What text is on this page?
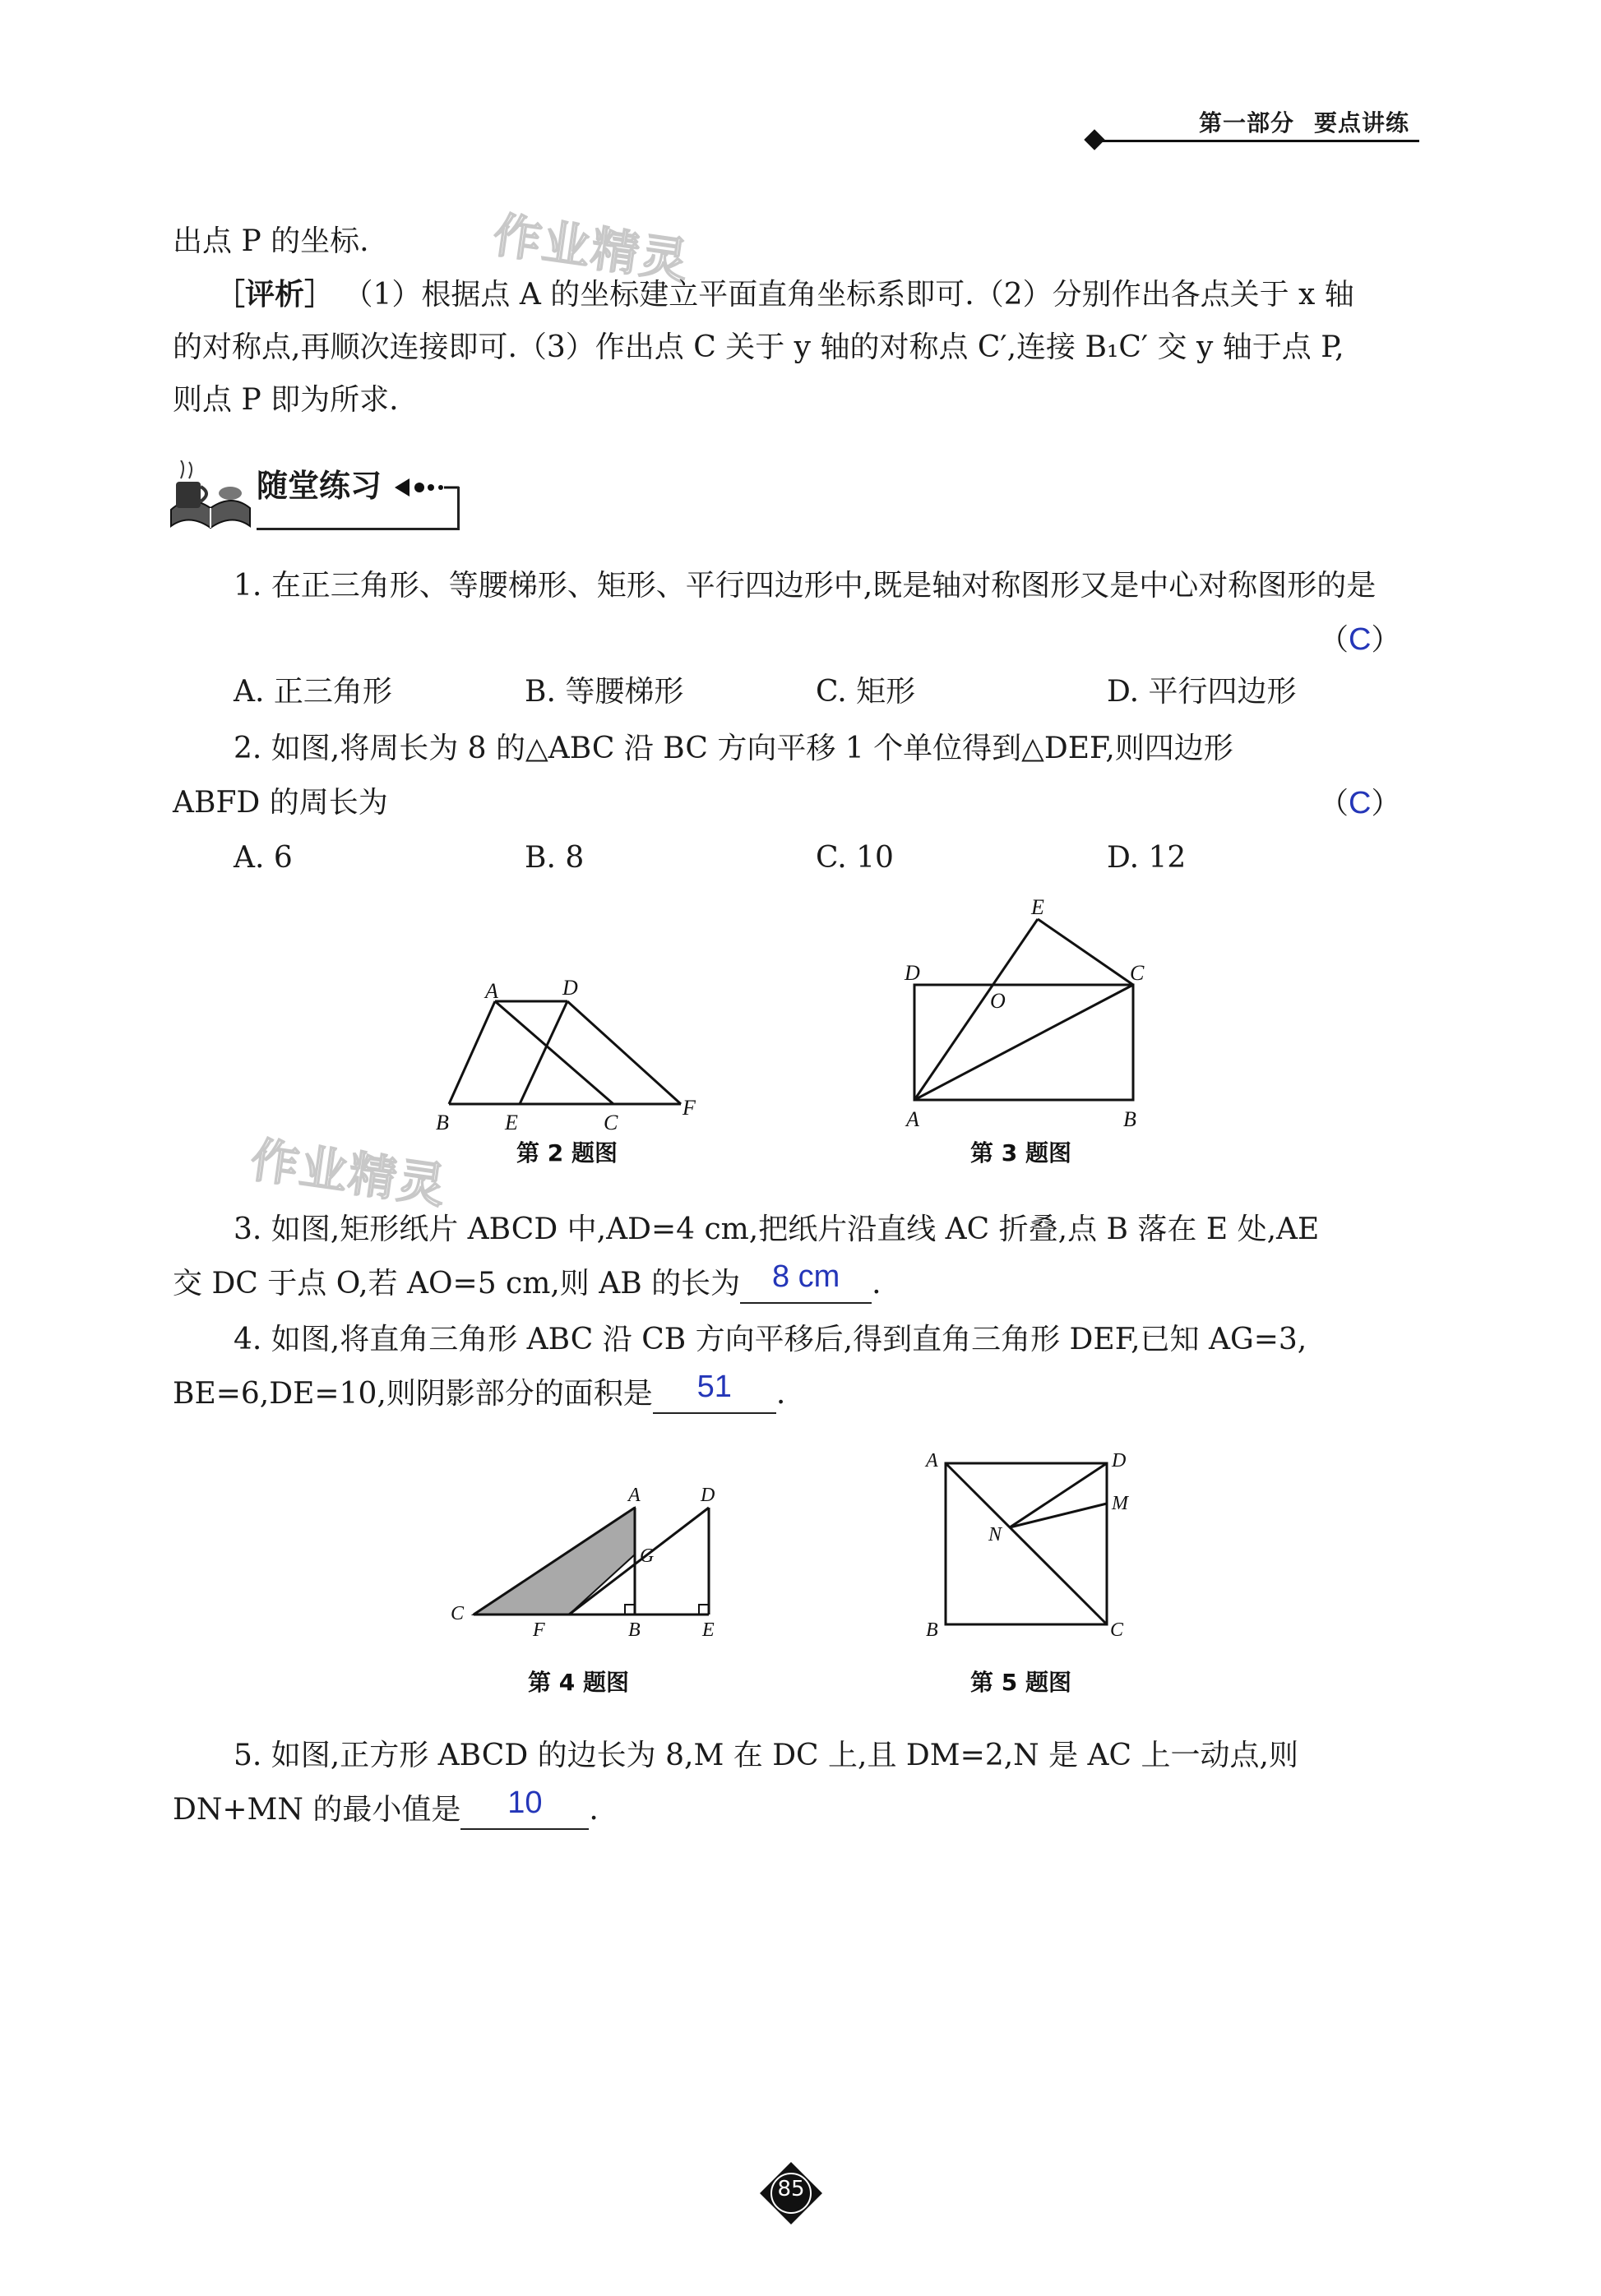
第一部分 要点讲练
作业精灵
作业精灵
出点 P 的坐标.
［评析］ （1）根据点 A 的坐标建立平面直角坐标系即可.（2）分别作出各点关于 x 轴
的对称点,再顺次连接即可.（3）作出点 C 关于 y 轴的对称点 C′,连接 B₁C′ 交 y 轴于点 P,
则点 P 即为所求.
随堂练习
1. 在正三角形、等腰梯形、矩形、平行四边形中,既是轴对称图形又是中心对称图形的是
（C）
A. 正三角形	B. 等腰梯形	C. 矩形	D. 平行四边形
2. 如图,将周长为 8 的△ABC 沿 BC 方向平移 1 个单位得到△DEF,则四边形
ABFD 的周长为	（C）
A. 6	B. 8	C. 10	D. 12
A	D
B	E	C
F
E
D	C
O
A	B
第 2 题图	第 3 题图
3. 如图,矩形纸片 ABCD 中,AD=4 cm,把纸片沿直线 AC 折叠,点 B 落在 E 处,AE
交 DC 于点 O,若 AO=5 cm,则 AB 的长为 8 cm .
4. 如图,将直角三角形 ABC 沿 CB 方向平移后,得到直角三角形 DEF,已知 AG=3,
BE=6,DE=10,则阴影部分的面积是 51 .
A	D
G
C
F	B	E
A	D
M
N
B	C
第 4 题图	第 5 题图
5. 如图,正方形 ABCD 的边长为 8,M 在 DC 上,且 DM=2,N 是 AC 上一动点,则
DN+MN 的最小值是 10 .
85
